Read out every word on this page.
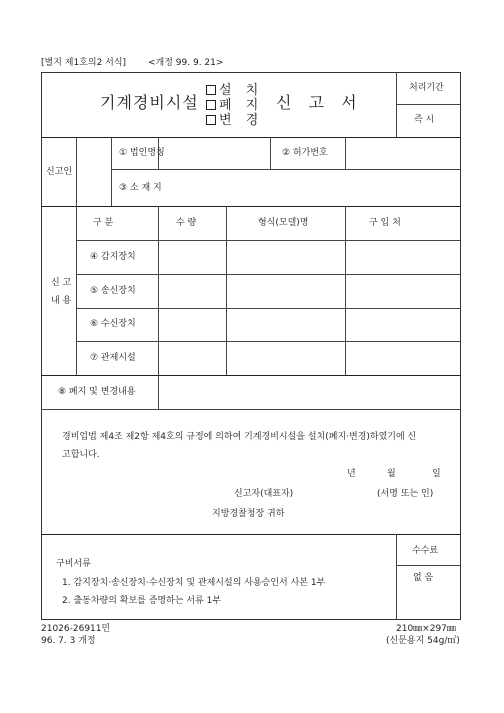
[별지 제1호의2 서식] <개정 99. 9. 21>
기계경비시설
설 치
폐 지
변 경
신 고 서
처리기간
즉 시
신고인
① 법인명칭	② 허가번호
③ 소 재 지
신 고
내 용
구 분	수 량	형식(모델)명	구 입 처
④ 감지장치
⑤ 송신장치
⑥ 수신장치
⑦ 관제시설
⑧ 폐지 및 변경내용
경비업법 제4조 제2항 제4호의 규정에 의하여 기계경비시설을 설치(폐지·변경)하였기에 신
고합니다.
년	월	일
신고자(대표자)	(서명 또는 인)
지방경찰청장 귀하
구비서류
1. 감지장치·송신장치·수신장치 및 관제시설의 사용승인서 사본 1부
2. 출동차량의 확보를 증명하는 서류 1부
수수료
없 음
21026-26911민
96. 7. 3 개정
210㎜×297㎜
(신문용지 54g/㎡)
